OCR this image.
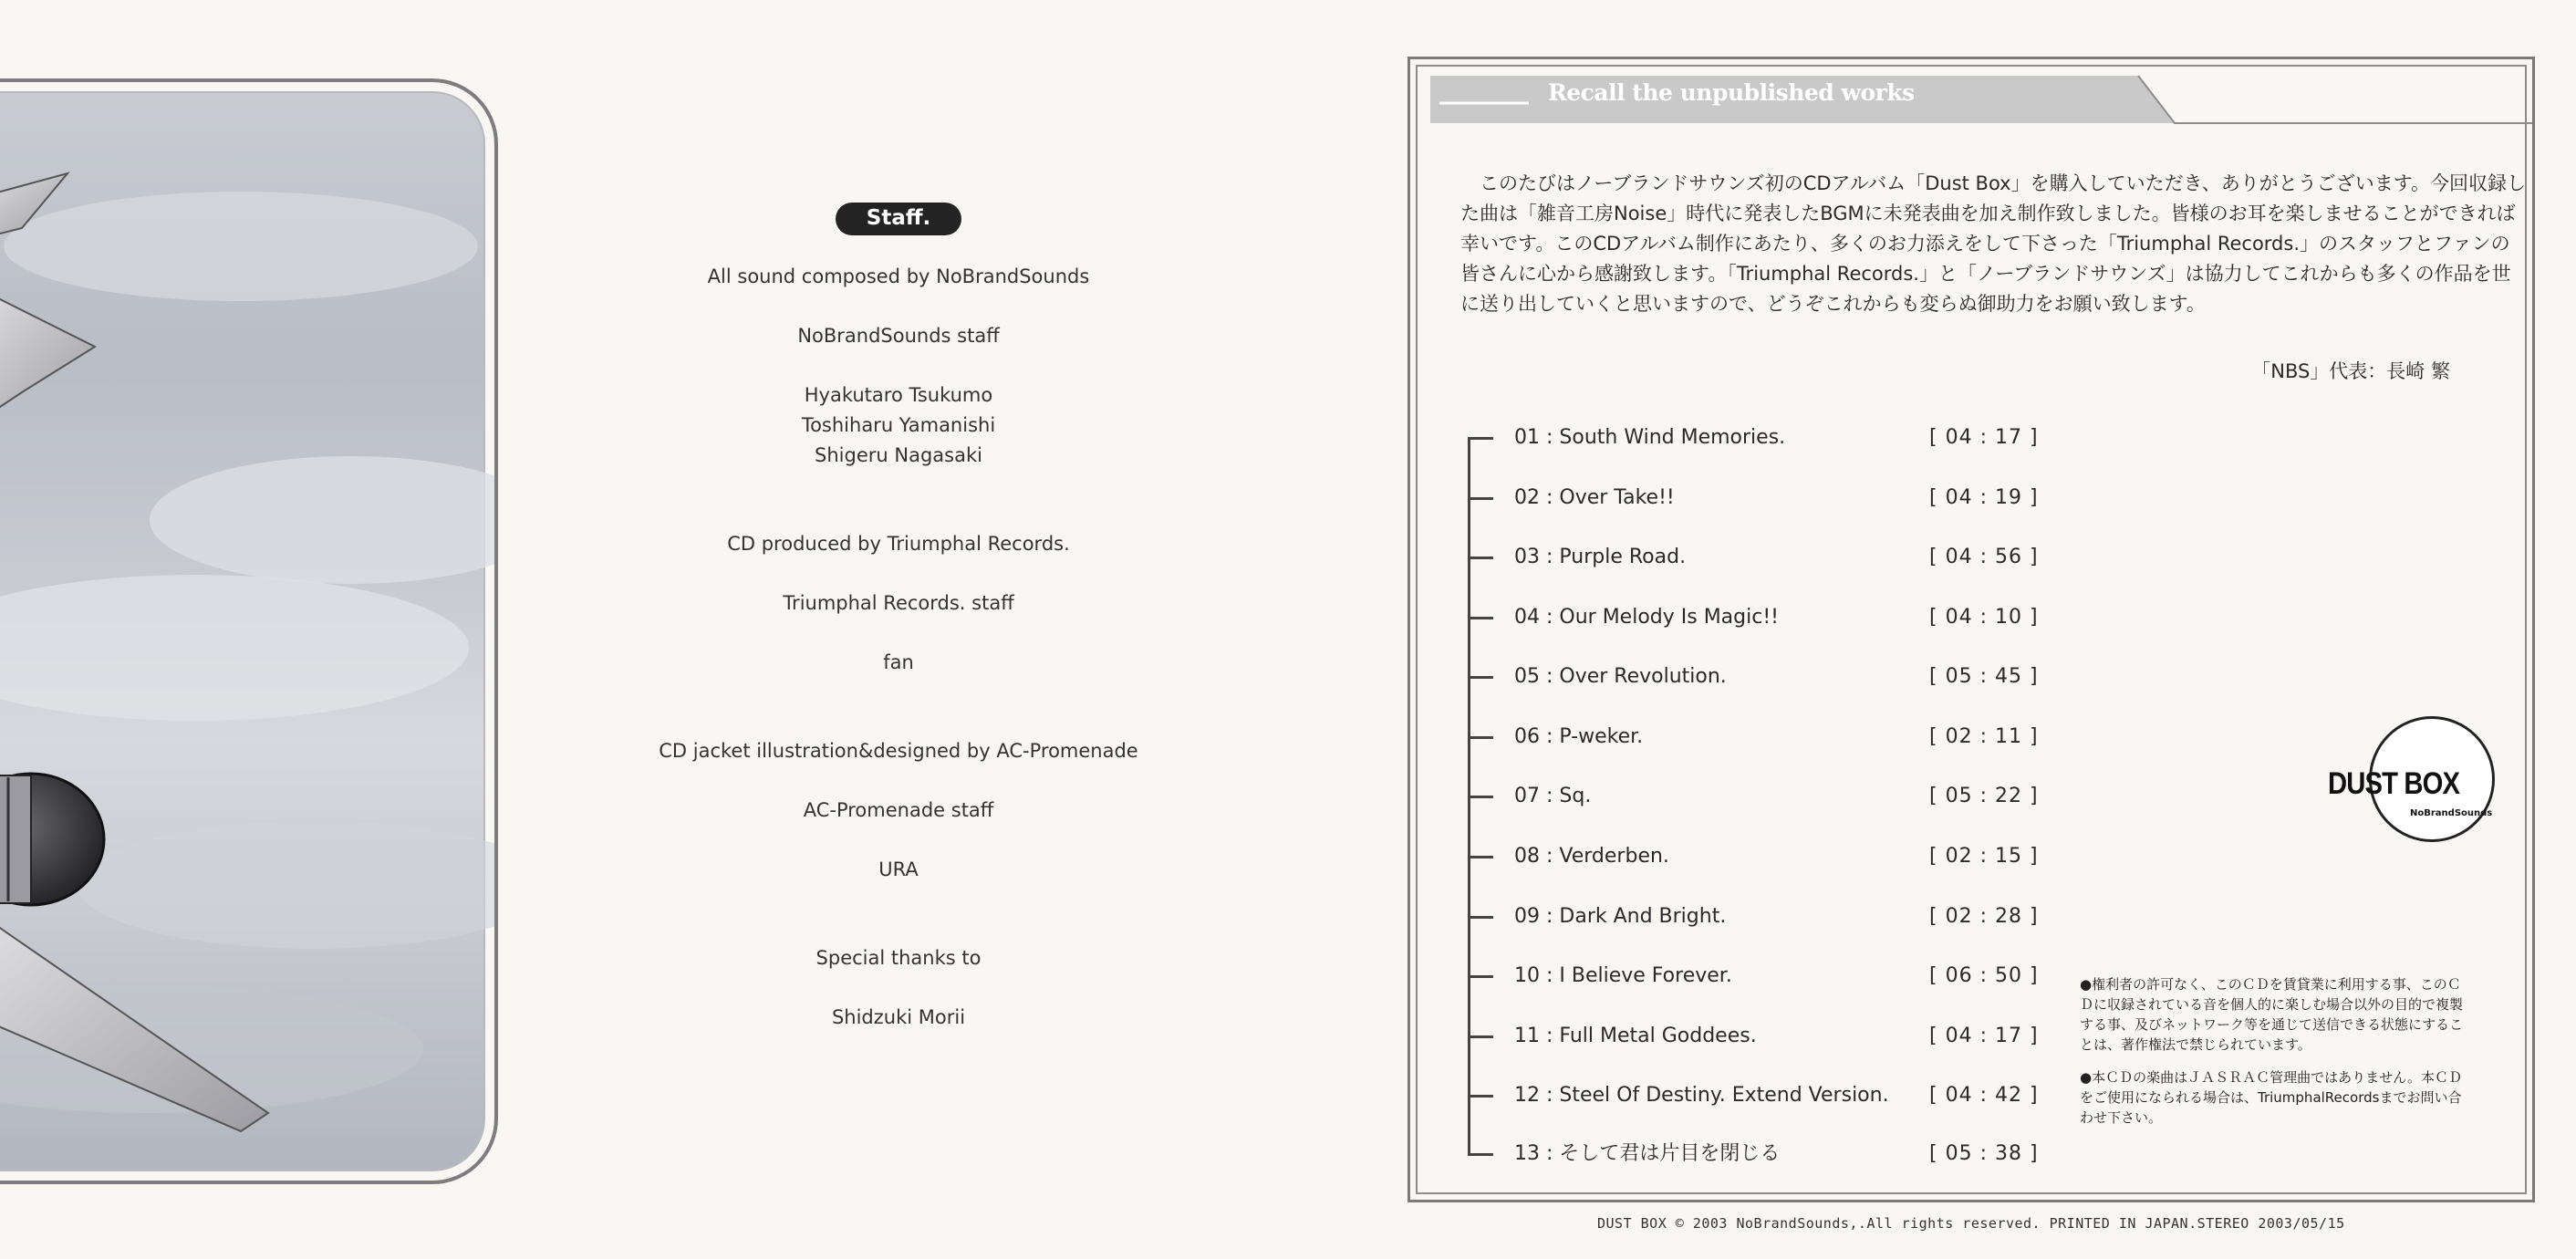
Staff.
All sound composed by NoBrandSounds
NoBrandSounds staff
Hyakutaro Tsukumo
Toshiharu Yamanishi
Shigeru Nagasaki
CD produced by Triumphal Records.
Triumphal Records. staff
fan
CD jacket illustration&designed by AC-Promenade
AC-Promenade staff
URA
Special thanks to
Shidzuki Morii
Recall the unpublished works
このたびはノーブランドサウンズ初のCDアルバム「Dust Box」を購入していただき、ありがとうございます。今回収録した曲は「雑音工房Noise」時代に発表したBGMに未発表曲を加え制作致しました。皆様のお耳を楽しませることができれば幸いです。このCDアルバム制作にあたり、多くのお力添えをして下さった「Triumphal Records.」のスタッフとファンの皆さんに心から感謝致します。「Triumphal Records.」と「ノーブランドサウンズ」は協力してこれからも多くの作品を世に送り出していくと思いますので、どうぞこれからも変らぬ御助力をお願い致します。
「NBS」代表：長崎 繁
01 : South Wind Memories.	[ 04 : 17 ]
02 : Over Take!!	[ 04 : 19 ]
03 : Purple Road.	[ 04 : 56 ]
04 : Our Melody Is Magic!!	[ 04 : 10 ]
05 : Over Revolution.	[ 05 : 45 ]
06 : P-weker.	[ 02 : 11 ]
07 : Sq.	[ 05 : 22 ]
08 : Verderben.	[ 02 : 15 ]
09 : Dark And Bright.	[ 02 : 28 ]
10 : I Believe Forever.	[ 06 : 50 ]
11 : Full Metal Goddees.	[ 04 : 17 ]
12 : Steel Of Destiny. Extend Version. [ 04 : 42 ]
13 : そして君は片目を閉じる	[ 05 : 38 ]
DUST BOX
NoBrandSounds

●権利者の許可なく、このＣＤを賃貸業に利用する事、このＣＤに収録されている音を個人的に楽しむ場合以外の目的で複製する事、及びネットワーク等を通じて送信できる状態にすることは、著作権法で禁じられています。

●本ＣＤの楽曲はＪＡＳＲＡＣ管理曲ではありません。本ＣＤをご使用になられる場合は、TriumphalRecordsまでお問い合わせ下さい。

DUST BOX © 2003 NoBrandSounds,.All rights reserved. PRINTED IN JAPAN.STEREO 2003/05/15
